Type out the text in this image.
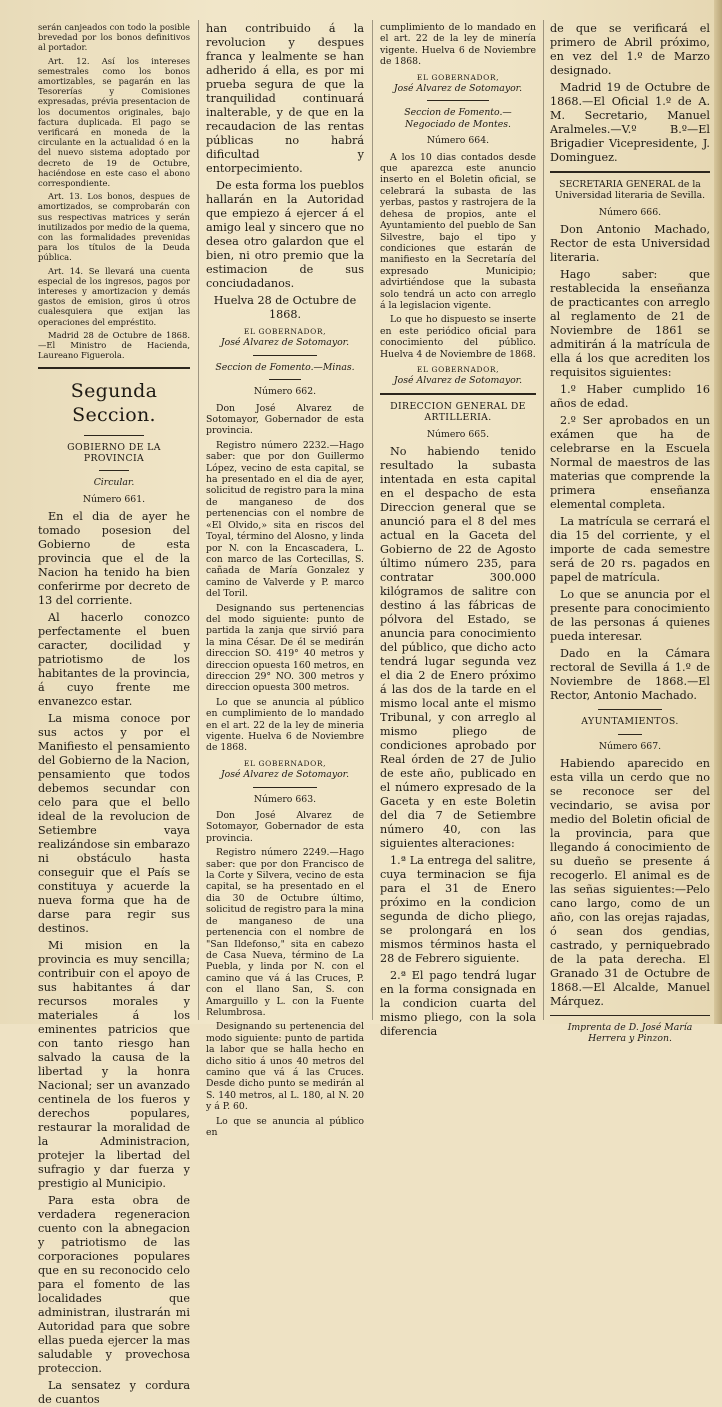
serán canjeados con todo la posible brevedad por los bonos definitivos al portador.

Art. 12. Así los intereses semestrales como los bonos amortizables, se pagarán en las Tesorerías y Comisiones expresadas, prévia presentacion de los documentos originales, bajo factura duplicada. El pago se verificará en moneda de la circulante en la actualidad ó en la del nuevo sistema adoptado por decreto de 19 de Octubre, haciéndose en este caso el abono correspondiente.

Art. 13. Los bonos, despues de amortizados, se comprobarán con sus respectivas matrices y serán inutilizados por medio de la quema, con las formalidades prevenidas para los títulos de la Deuda pública.

Art. 14. Se llevará una cuenta especial de los ingresos, pagos por intereses y amortizacion y demás gastos de emision, giros ú otros cualesquiera que exijan las operaciones del empréstito.

Madrid 28 de Octubre de 1868.—El Ministro de Hacienda, Laureano Figuerola.

Segunda Seccion.

GOBIERNO DE LA PROVINCIA

Circular.

Número 661.

En el dia de ayer he tomado posesion del Gobierno de esta provincia que el de la Nacion ha tenido ha bien conferirme por decreto de 13 del corriente.

Al hacerlo conozco perfectamente el buen caracter, docilidad y patriotismo de los habitantes de la provincia, á cuyo frente me envanezco estar.

La misma conoce por sus actos y por el Manifiesto el pensamiento del Gobierno de la Nacion, pensamiento que todos debemos secundar con celo para que el bello ideal de la revolucion de Setiembre vaya realizándose sin embarazo ni obstáculo hasta conseguir que el País se constituya y acuerde la nueva forma que ha de darse para regir sus destinos.

Mi mision en la provincia es muy sencilla; contribuir con el apoyo de sus habitantes á dar recursos morales y materiales á los eminentes patricios que con tanto riesgo han salvado la causa de la libertad y la honra Nacional; ser un avanzado centinela de los fueros y derechos populares, restaurar la moralidad de la Administracion, protejer la libertad del sufragio y dar fuerza y prestigio al Municipio.

Para esta obra de verdadera regeneracion cuento con la abnegacion y patriotismo de las corporaciones populares que en su reconocido celo para el fomento de las localidades que administran, ilustrarán mi Autoridad para que sobre ellas pueda ejercer la mas saludable y provechosa proteccion.

La sensatez y cordura de cuantos

han contribuido á la revolucion y despues franca y lealmente se han adherido á ella, es por mi prueba segura de que la tranquilidad continuará inalterable, y de que en la recaudacion de las rentas públicas no habrá dificultad y entorpecimiento.

De esta forma los pueblos hallarán en la Autoridad que empiezo á ejercer á el amigo leal y sincero que no desea otro galardon que el bien, ni otro premio que la estimacion de sus conciudadanos.

Huelva 28 de Octubre de 1868.

EL GOBERNADOR,
José Alvarez de Sotomayor.

Seccion de Fomento.—Minas.

Número 662.

Don José Alvarez de Sotomayor, Gobernador de esta provincia.

Registro número 2232.—Hago saber: que por don Guillermo López, vecino de esta capital, se ha presentado en el dia de ayer, solicitud de registro para la mina de manganeso de dos pertenencias con el nombre de «El Olvido,» sita en riscos del Toyal, término del Alosno, y linda por N. con la Encascadera, L. con marco de las Cortecillas, S. cañada de María Gonzalez y camino de Valverde y P. marco del Toril.

Designando sus pertenencias del modo siguiente: punto de partida la zanja que sirvió para la mina César. De él se medirán direccion SO. 419° 40 metros y direccion opuesta 160 metros, en direccion 29° NO. 300 metros y direccion opuesta 300 metros.

Lo que se anuncia al público en cumplimiento de lo mandado en el art. 22 de la ley de mineria vigente. Huelva 6 de Noviembre de 1868.

EL GOBERNADOR,
José Alvarez de Sotomayor.

Número 663.

Don José Alvarez de Sotomayor, Gobernador de esta provincia.

Registro número 2249.—Hago saber: que por don Francisco de la Corte y Silvera, vecino de esta capital, se ha presentado en el dia 30 de Octubre último, solicitud de registro para la mina de manganeso de una pertenencia con el nombre de "San Ildefonso," sita en cabezo de Casa Nueva, término de La Puebla, y linda por N. con el camino que vá á las Cruces, P. con el llano San, S. con Amarguillo y L. con la Fuente Relumbrosa.

Designando su pertenencia del modo siguiente: punto de partida la labor que se halla hecho en dicho sitio á unos 40 metros del camino que vá á las Cruces. Desde dicho punto se medirán al S. 140 metros, al L. 180, al N. 20 y á P. 60.

Lo que se anuncia al público en

cumplimiento de lo mandado en el art. 22 de la ley de minería vigente. Huelva 6 de Noviembre de 1868.

EL GOBERNADOR,
José Alvarez de Sotomayor.

Seccion de Fomento.—Negociado de Montes.

Número 664.

A los 10 dias contados desde que aparezca este anuncio inserto en el Boletin oficial, se celebrará la subasta de las yerbas, pastos y rastrojera de la dehesa de propios, ante el Ayuntamiento del pueblo de San Silvestre, bajo el tipo y condiciones que estarán de manifiesto en la Secretaría del expresado Municipio; advirtiéndose que la subasta solo tendrá un acto con arreglo á la legislacion vigente.

Lo que ho dispuesto se inserte en este periódico oficial para conocimiento del público. Huelva 4 de Noviembre de 1868.

EL GOBERNADOR,
José Alvarez de Sotomayor.

DIRECCION GENERAL DE ARTILLERIA.

Número 665.

No habiendo tenido resultado la subasta intentada en esta capital en el despacho de esta Direccion general que se anunció para el 8 del mes actual en la Gaceta del Gobierno de 22 de Agosto último número 235, para contratar 300.000 kilógramos de salitre con destino á las fábricas de pólvora del Estado, se anuncia para conocimiento del público, que dicho acto tendrá lugar segunda vez el dia 2 de Enero próximo á las dos de la tarde en el mismo local ante el mismo Tribunal, y con arreglo al mismo pliego de condiciones aprobado por Real órden de 27 de Julio de este año, publicado en el número expresado de la Gaceta y en este Boletin del dia 7 de Setiembre número 40, con las siguientes alteraciones:

1.ª La entrega del salitre, cuya terminacion se fija para el 31 de Enero próximo en la condicion segunda de dicho pliego, se prolongará en los mismos términos hasta el 28 de Febrero siguiente.

2.ª El pago tendrá lugar en la forma consignada en la condicion cuarta del mismo pliego, con la sola diferencia

de que se verificará el primero de Abril próximo, en vez del 1.º de Marzo designado.

Madrid 19 de Octubre de 1868.—El Oficial 1.º de A. M. Secretario, Manuel Aralmeles.—V.º B.º—El Brigadier Vicepresidente, J. Dominguez.

SECRETARIA GENERAL de la Universidad literaria de Sevilla.

Número 666.

Don Antonio Machado, Rector de esta Universidad literaria.

Hago saber: que restablecida la enseñanza de practicantes con arreglo al reglamento de 21 de Noviembre de 1861 se admitirán á la matrícula de ella á los que acrediten los requisitos siguientes:

1.º Haber cumplido 16 años de edad.

2.º Ser aprobados en un exámen que ha de celebrarse en la Escuela Normal de maestros de las materias que comprende la primera enseñanza elemental completa.

La matrícula se cerrará el dia 15 del corriente, y el importe de cada semestre será de 20 rs. pagados en papel de matrícula.

Lo que se anuncia por el presente para conocimiento de las personas á quienes pueda interesar.

Dado en la Cámara rectoral de Sevilla á 1.º de Noviembre de 1868.—El Rector, Antonio Machado.

AYUNTAMIENTOS.

Número 667.

Habiendo aparecido en esta villa un cerdo que no se reconoce ser del vecindario, se avisa por medio del Boletin oficial de la provincia, para que llegando á conocimiento de su dueño se presente á recogerlo. El animal es de las señas siguientes:—Pelo cano largo, como de un año, con las orejas rajadas, ó sean dos gendias, castrado, y perniquebrado de la pata derecha. El Granado 31 de Octubre de 1868.—El Alcalde, Manuel Márquez.

Imprenta de D. José María Herrera y Pinzon.
